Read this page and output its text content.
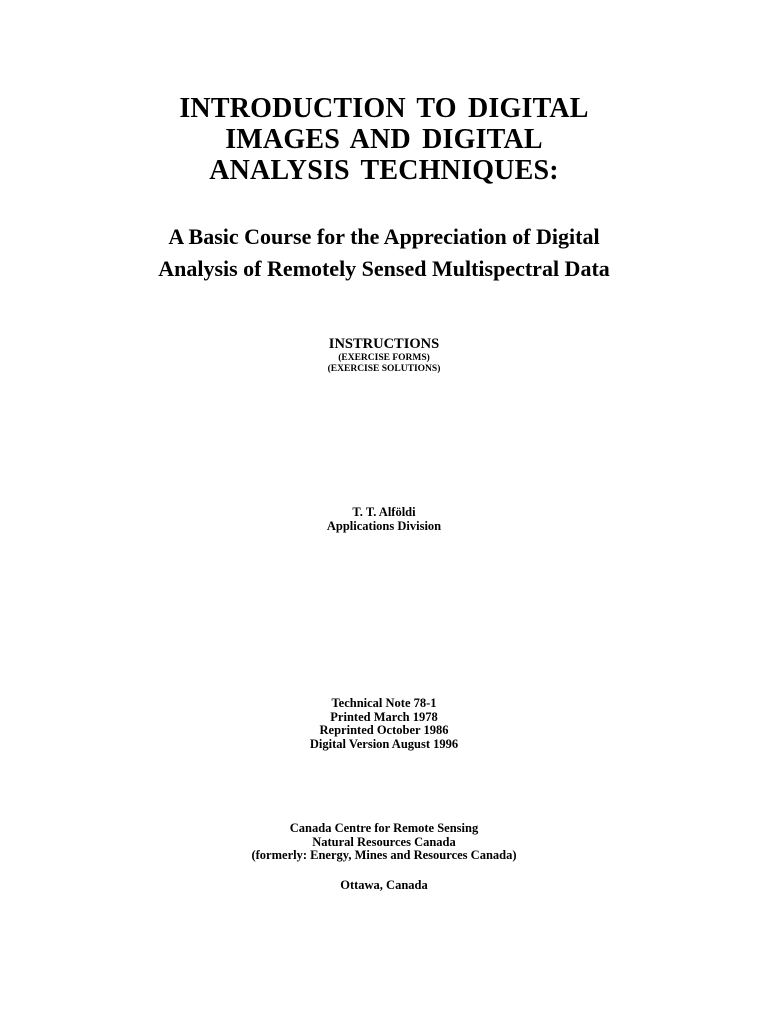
INTRODUCTION TO DIGITAL
IMAGES AND DIGITAL
ANALYSIS TECHNIQUES:
A Basic Course for the Appreciation of Digital
Analysis of Remotely Sensed Multispectral Data
INSTRUCTIONS
(EXERCISE FORMS)
(EXERCISE SOLUTIONS)
T. T. Alföldi
Applications Division
Technical Note 78-1
Printed March 1978
Reprinted October 1986
Digital Version August 1996
Canada Centre for Remote Sensing
Natural Resources Canada
(formerly: Energy, Mines and Resources Canada)
Ottawa, Canada
